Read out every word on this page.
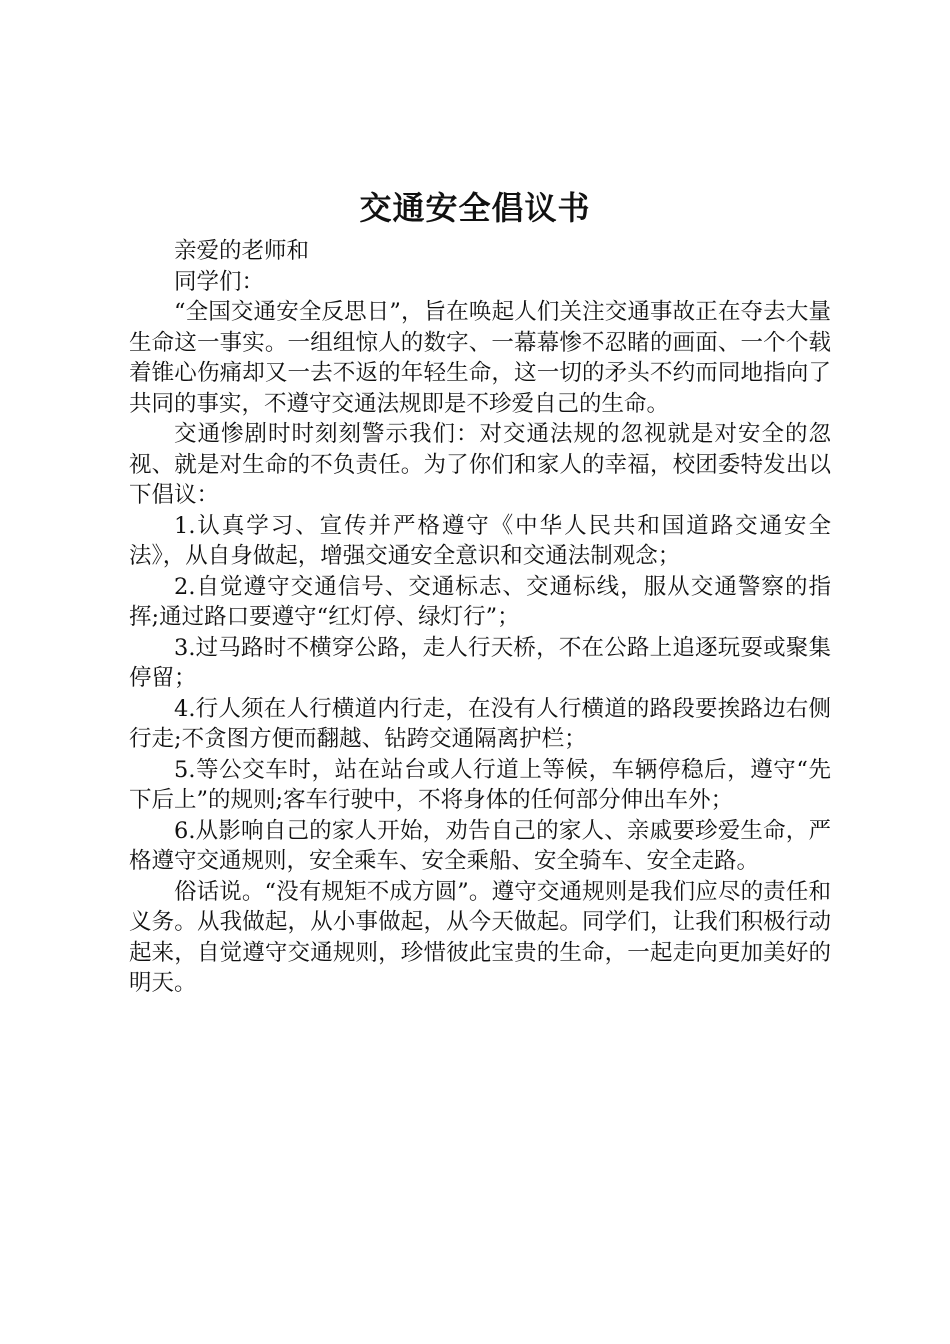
交通安全倡议书

亲爱的老师和

同学们：

“全国交通安全反思日”，旨在唤起人们关注交通事故正在夺去大量生命这一事实。一组组惊人的数字、一幕幕惨不忍睹的画面、一个个载着锥心伤痛却又一去不返的年轻生命，这一切的矛头不约而同地指向了共同的事实，不遵守交通法规即是不珍爱自己的生命。

交通惨剧时时刻刻警示我们：对交通法规的忽视就是对安全的忽视、就是对生命的不负责任。为了你们和家人的幸福，校团委特发出以下倡议：

1.认真学习、宣传并严格遵守《中华人民共和国道路交通安全法》，从自身做起，增强交通安全意识和交通法制观念；

2.自觉遵守交通信号、交通标志、交通标线，服从交通警察的指挥;通过路口要遵守“红灯停、绿灯行”；

3.过马路时不横穿公路，走人行天桥，不在公路上追逐玩耍或聚集停留；

4.行人须在人行横道内行走，在没有人行横道的路段要挨路边右侧行走;不贪图方便而翻越、钻跨交通隔离护栏；

5.等公交车时，站在站台或人行道上等候，车辆停稳后，遵守“先下后上”的规则;客车行驶中，不将身体的任何部分伸出车外；

6.从影响自己的家人开始，劝告自己的家人、亲戚要珍爱生命，严格遵守交通规则，安全乘车、安全乘船、安全骑车、安全走路。

俗话说。“没有规矩不成方圆”。遵守交通规则是我们应尽的责任和义务。从我做起，从小事做起，从今天做起。同学们，让我们积极行动起来，自觉遵守交通规则，珍惜彼此宝贵的生命，一起走向更加美好的明天。
